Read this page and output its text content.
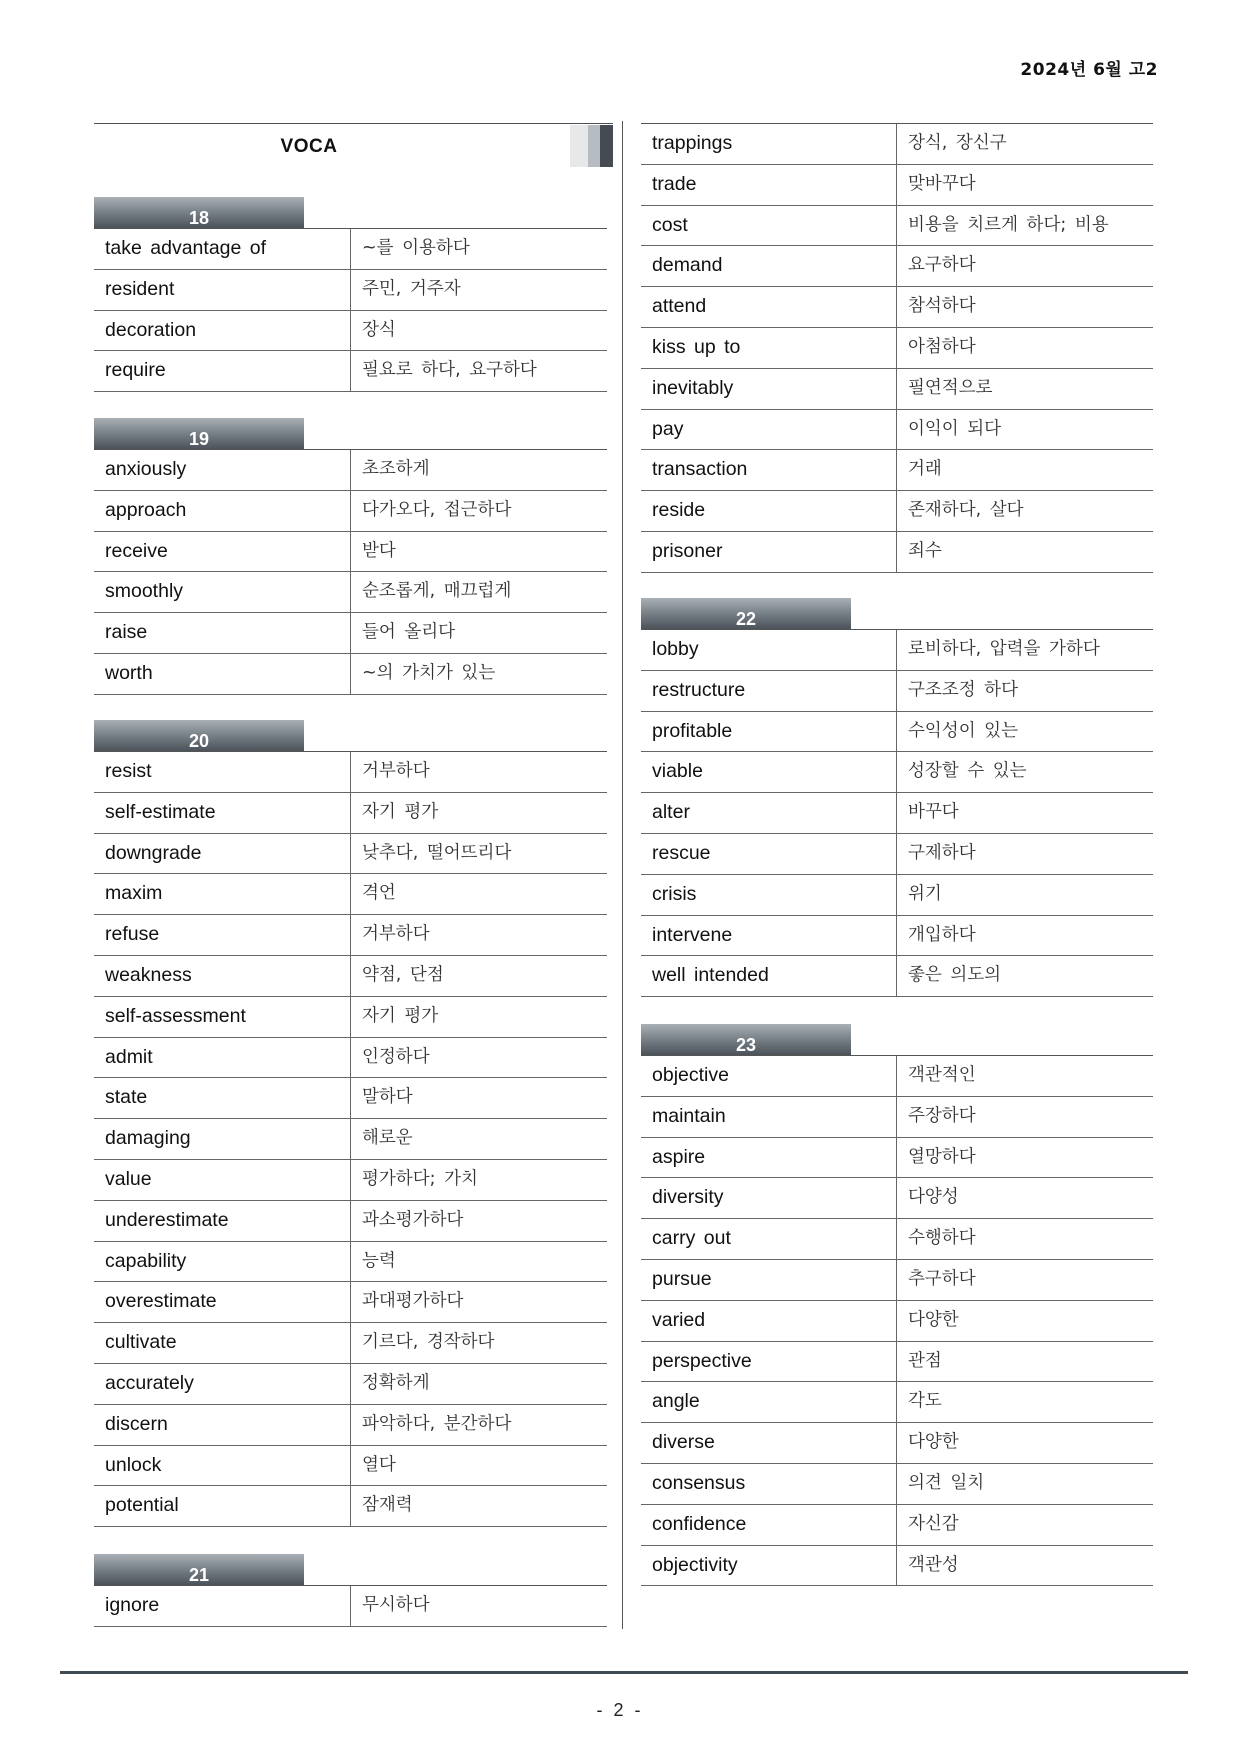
2024년 6월 고2
VOCA
18
take advantage of	~를 이용하다
resident	주민, 거주자
decoration	장식
require	필요로 하다, 요구하다
19
anxiously	초조하게
approach	다가오다, 접근하다
receive	받다
smoothly	순조롭게, 매끄럽게
raise	들어 올리다
worth	~의 가치가 있는
20
resist	거부하다
self-estimate	자기 평가
downgrade	낮추다, 떨어뜨리다
maxim	격언
refuse	거부하다
weakness	약점, 단점
self-assessment	자기 평가
admit	인정하다
state	말하다
damaging	해로운
value	평가하다; 가치
underestimate	과소평가하다
capability	능력
overestimate	과대평가하다
cultivate	기르다, 경작하다
accurately	정확하게
discern	파악하다, 분간하다
unlock	열다
potential	잠재력
21
ignore	무시하다
trappings	장식, 장신구
trade	맞바꾸다
cost	비용을 치르게 하다; 비용
demand	요구하다
attend	참석하다
kiss up to	아첨하다
inevitably	필연적으로
pay	이익이 되다
transaction	거래
reside	존재하다, 살다
prisoner	죄수
22
lobby	로비하다, 압력을 가하다
restructure	구조조정 하다
profitable	수익성이 있는
viable	성장할 수 있는
alter	바꾸다
rescue	구제하다
crisis	위기
intervene	개입하다
well intended	좋은 의도의
23
objective	객관적인
maintain	주장하다
aspire	열망하다
diversity	다양성
carry out	수행하다
pursue	추구하다
varied	다양한
perspective	관점
angle	각도
diverse	다양한
consensus	의견 일치
confidence	자신감
objectivity	객관성
- 2 -
